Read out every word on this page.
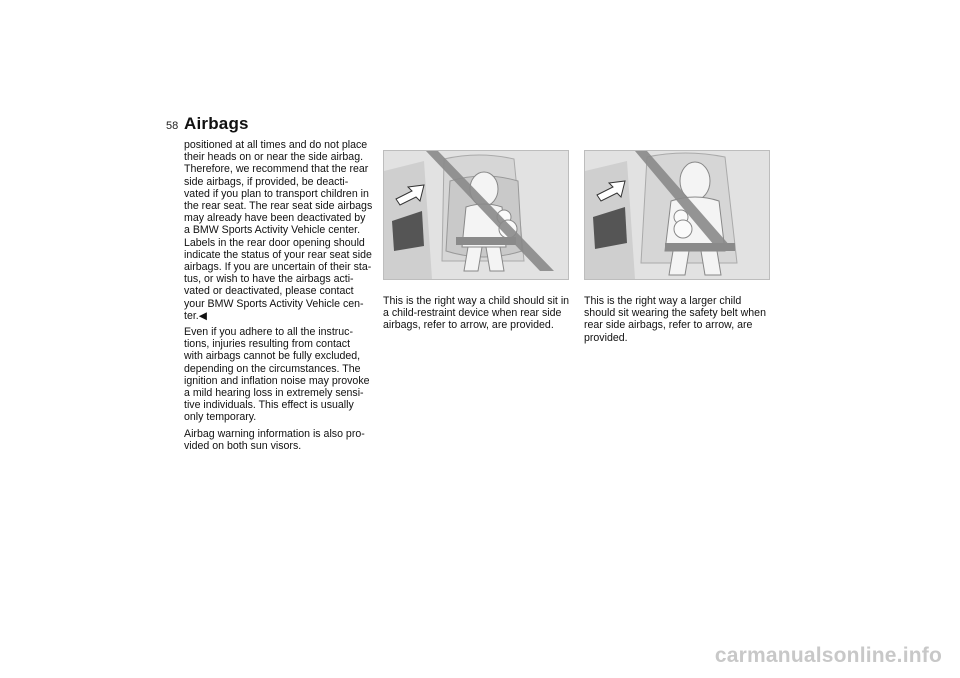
58 Airbags

positioned at all times and do not place
their heads on or near the side airbag.
Therefore, we recommend that the rear
side airbags, if provided, be deacti-
vated if you plan to transport children in
the rear seat. The rear seat side airbags
may already have been deactivated by
a BMW Sports Activity Vehicle center.
Labels in the rear door opening should
indicate the status of your rear seat side
airbags. If you are uncertain of their sta-
tus, or wish to have the airbags acti-
vated or deactivated, please contact
your BMW Sports Activity Vehicle cen-
ter.◀

Even if you adhere to all the instruc-
tions, injuries resulting from contact
with airbags cannot be fully excluded,
depending on the circumstances. The
ignition and inflation noise may provoke
a mild hearing loss in extremely sensi-
tive individuals. This effect is usually
only temporary.

Airbag warning information is also pro-
vided on both sun visors.

530de243	530de097

This is the right way a child should sit in
a child-restraint device when rear side
airbags, refer to arrow, are provided.

This is the right way a larger child
should sit wearing the safety belt when
rear side airbags, refer to arrow, are
provided.

carmanualsonline.info
